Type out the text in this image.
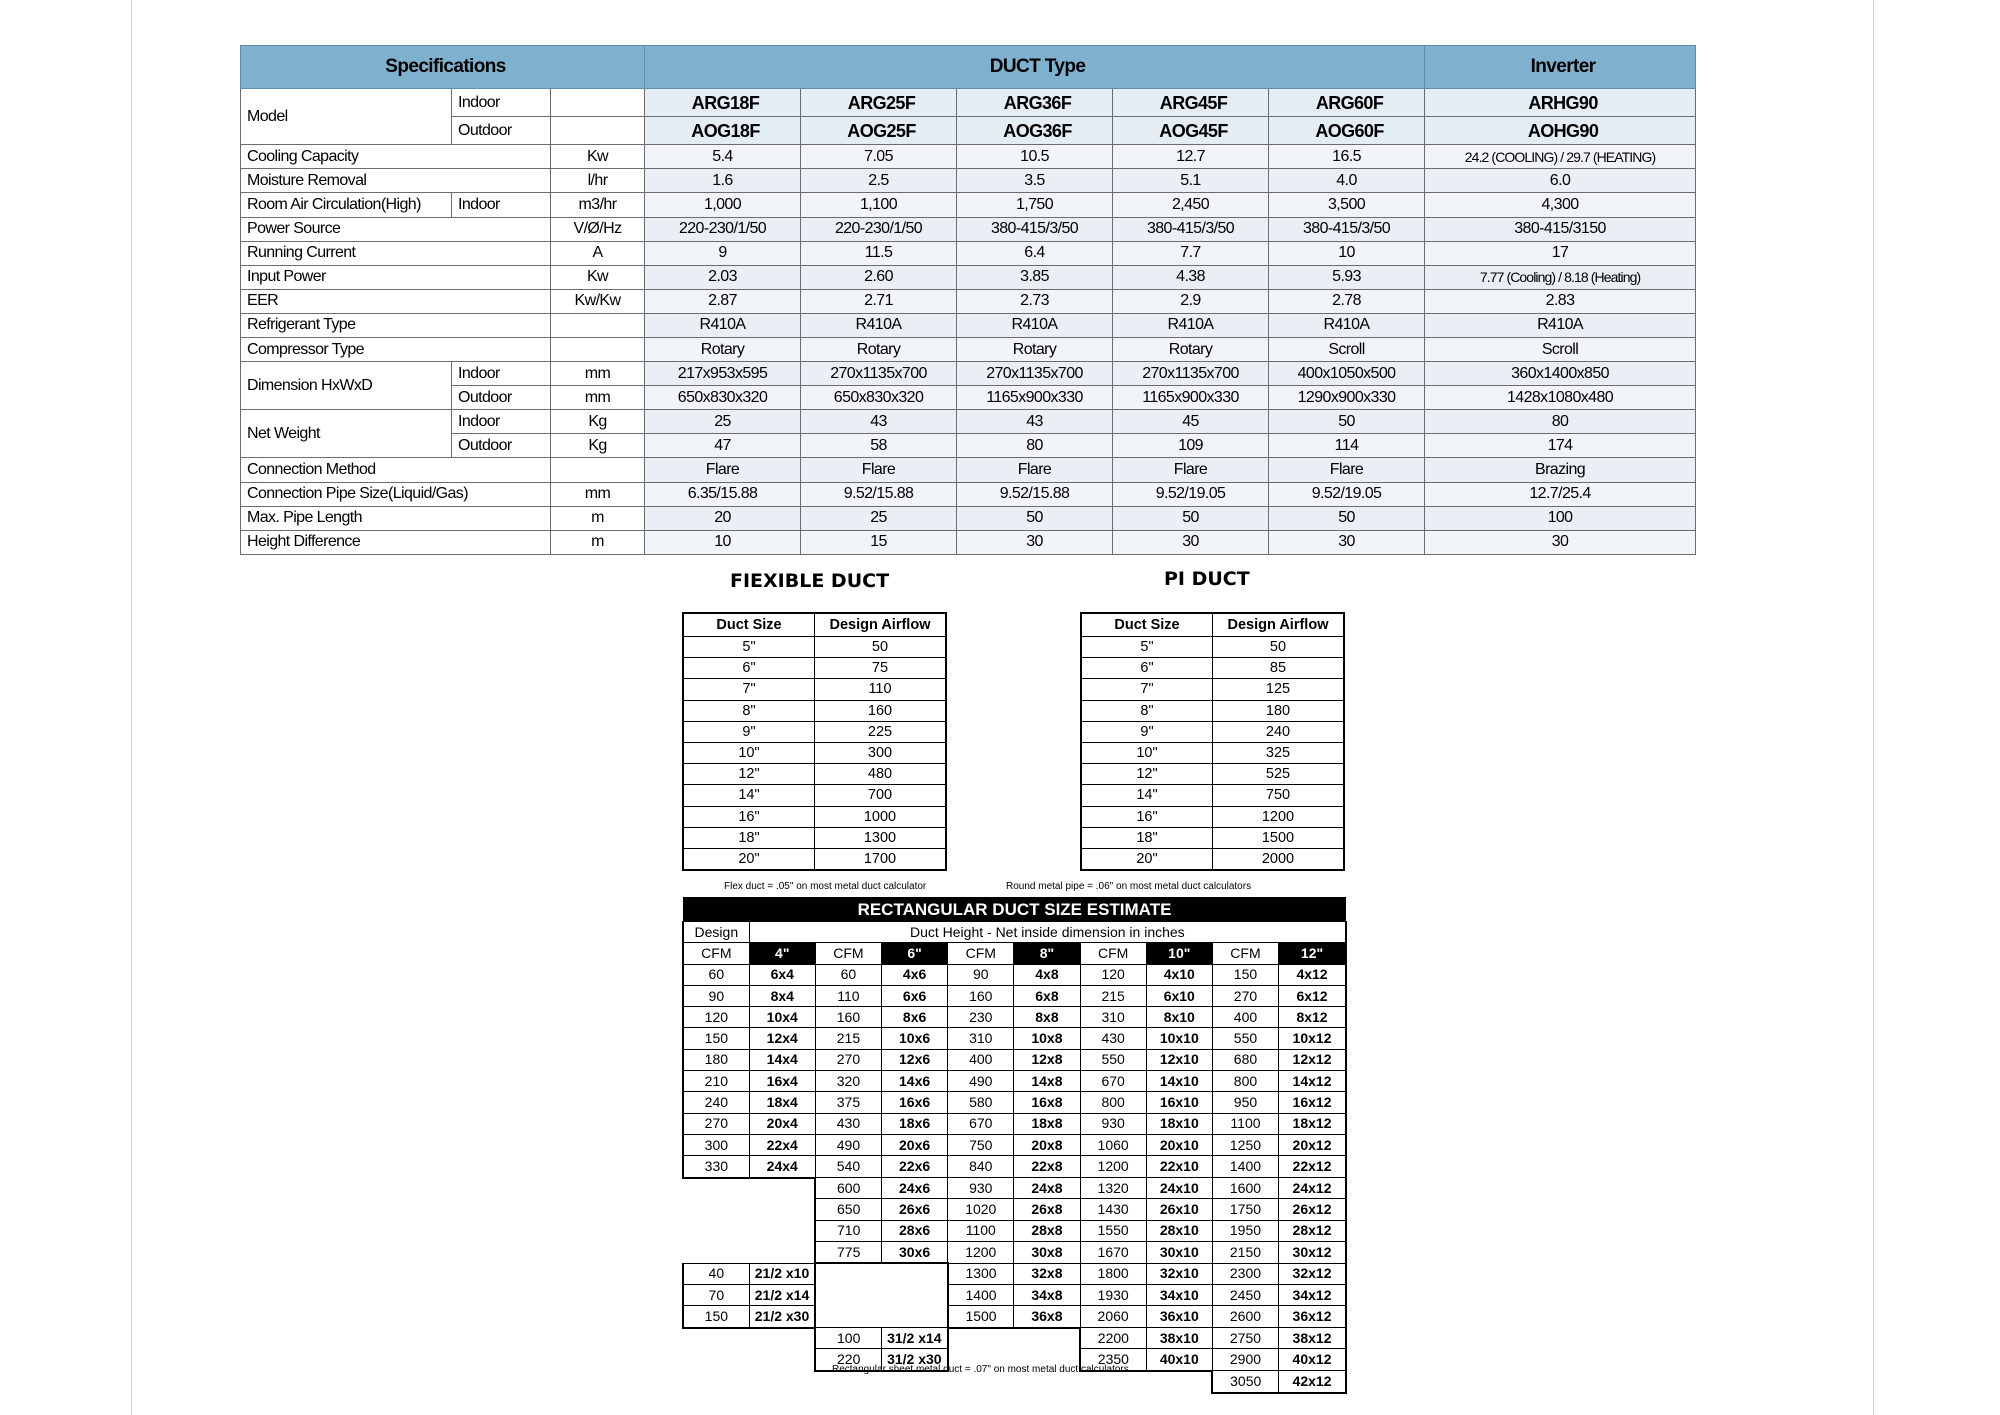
Specifications			DUCT Type					Inverter
Model	Indoor		ARG18F	ARG25F	ARG36F	ARG45F	ARG60F	ARHG90
	Outdoor		AOG18F	AOG25F	AOG36F	AOG45F	AOG60F	AOHG90
Cooling Capacity		Kw	5.4	7.05	10.5	12.7	16.5	24.2 (COOLING) / 29.7 (HEATING)
Moisture Removal		l/hr	1.6	2.5	3.5	5.1	4.0	6.0
Room Air Circulation(High)	Indoor	m3/hr	1,000	1,100	1,750	2,450	3,500	4,300
Power Source		V/Ø/Hz	220-230/1/50	220-230/1/50	380-415/3/50	380-415/3/50	380-415/3/50	380-415/3150
Running Current		A	9	11.5	6.4	7.7	10	17
Input Power		Kw	2.03	2.60	3.85	4.38	5.93	7.77 (Cooling) / 8.18 (Heating)
EER		Kw/Kw	2.87	2.71	2.73	2.9	2.78	2.83
Refrigerant Type			R410A	R410A	R410A	R410A	R410A	R410A
Compressor Type			Rotary	Rotary	Rotary	Rotary	Scroll	Scroll
Dimension HxWxD	Indoor	mm	217x953x595	270x1135x700	270x1135x700	270x1135x700	400x1050x500	360x1400x850
	Outdoor	mm	650x830x320	650x830x320	1165x900x330	1165x900x330	1290x900x330	1428x1080x480
Net Weight	Indoor	Kg	25	43	43	45	50	80
	Outdoor	Kg	47	58	80	109	114	174
Connection Method			Flare	Flare	Flare	Flare	Flare	Brazing
Connection Pipe Size(Liquid/Gas)		mm	6.35/15.88	9.52/15.88	9.52/15.88	9.52/19.05	9.52/19.05	12.7/25.4
Max. Pipe Length		m	20	25	50	50	50	100
Height Difference		m	10	15	30	30	30	30
FIEXIBLE DUCT	PI DUCT
Duct Size	Design Airflow
5"	50
6"	75
7"	110
8"	160
9"	225
10"	300
12"	480
14"	700
16"	1000
18"	1300
20"	1700
Duct Size	Design Airflow
5"	50
6"	85
7"	125
8"	180
9"	240
10"	325
12"	525
14"	750
16"	1200
18"	1500
20"	2000
Flex duct = .05" on most metal duct calculator	Round metal pipe = .06" on most metal duct calculators
RECTANGULAR DUCT SIZE ESTIMATE									
Design	Duct Height - Net inside dimension in inches								
CFM	4"	CFM	6"	CFM	8"	CFM	10"	CFM	12"
60	6x4	60	4x6	90	4x8	120	4x10	150	4x12
90	8x4	110	6x6	160	6x8	215	6x10	270	6x12
120	10x4	160	8x6	230	8x8	310	8x10	400	8x12
150	12x4	215	10x6	310	10x8	430	10x10	550	10x12
180	14x4	270	12x6	400	12x8	550	12x10	680	12x12
210	16x4	320	14x6	490	14x8	670	14x10	800	14x12
240	18x4	375	16x6	580	16x8	800	16x10	950	16x12
270	20x4	430	18x6	670	18x8	930	18x10	1100	18x12
300	22x4	490	20x6	750	20x8	1060	20x10	1250	20x12
330	24x4	540	22x6	840	22x8	1200	22x10	1400	22x12
		600	24x6	930	24x8	1320	24x10	1600	24x12
		650	26x6	1020	26x8	1430	26x10	1750	26x12
		710	28x6	1100	28x8	1550	28x10	1950	28x12
		775	30x6	1200	30x8	1670	30x10	2150	30x12
40	21/2 x10			1300	32x8	1800	32x10	2300	32x12
70	21/2 x14			1400	34x8	1930	34x10	2450	34x12
150	21/2 x30			1500	36x8	2060	36x10	2600	36x12
		100	31/2 x14			2200	38x10	2750	38x12
		220	31/2 x30			2350	40x10	2900	40x12
								3050	42x12
Rectangular sheet metal duct = .07" on most metal duct calculators
